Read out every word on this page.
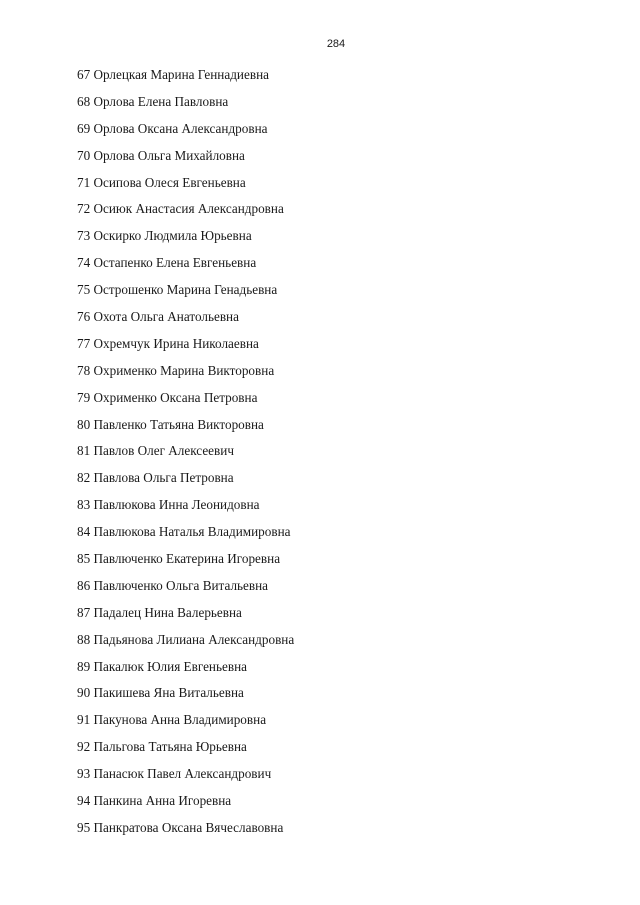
284
67 Орлецкая Марина Геннадиевна
68 Орлова Елена Павловна
69 Орлова Оксана Александровна
70 Орлова Ольга Михайловна
71 Осипова Олеся Евгеньевна
72 Осиюк Анастасия Александровна
73 Оскирко Людмила Юрьевна
74 Остапенко Елена Евгеньевна
75 Острошенко Марина Генадьевна
76 Охота Ольга Анатольевна
77 Охремчук Ирина Николаевна
78 Охрименко Марина Викторовна
79 Охрименко Оксана Петровна
80 Павленко Татьяна Викторовна
81 Павлов Олег Алексеевич
82 Павлова Ольга Петровна
83 Павлюкова Инна Леонидовна
84 Павлюкова Наталья Владимировна
85 Павлюченко Екатерина Игоревна
86 Павлюченко Ольга Витальевна
87 Падалец Нина Валерьевна
88 Падьянова Лилиана Александровна
89 Пакалюк Юлия Евгеньевна
90 Пакишева Яна Витальевна
91 Пакунова Анна Владимировна
92 Пальгова Татьяна Юрьевна
93 Панасюк Павел Александрович
94 Панкина Анна Игоревна
95 Панкратова Оксана Вячеславовна
